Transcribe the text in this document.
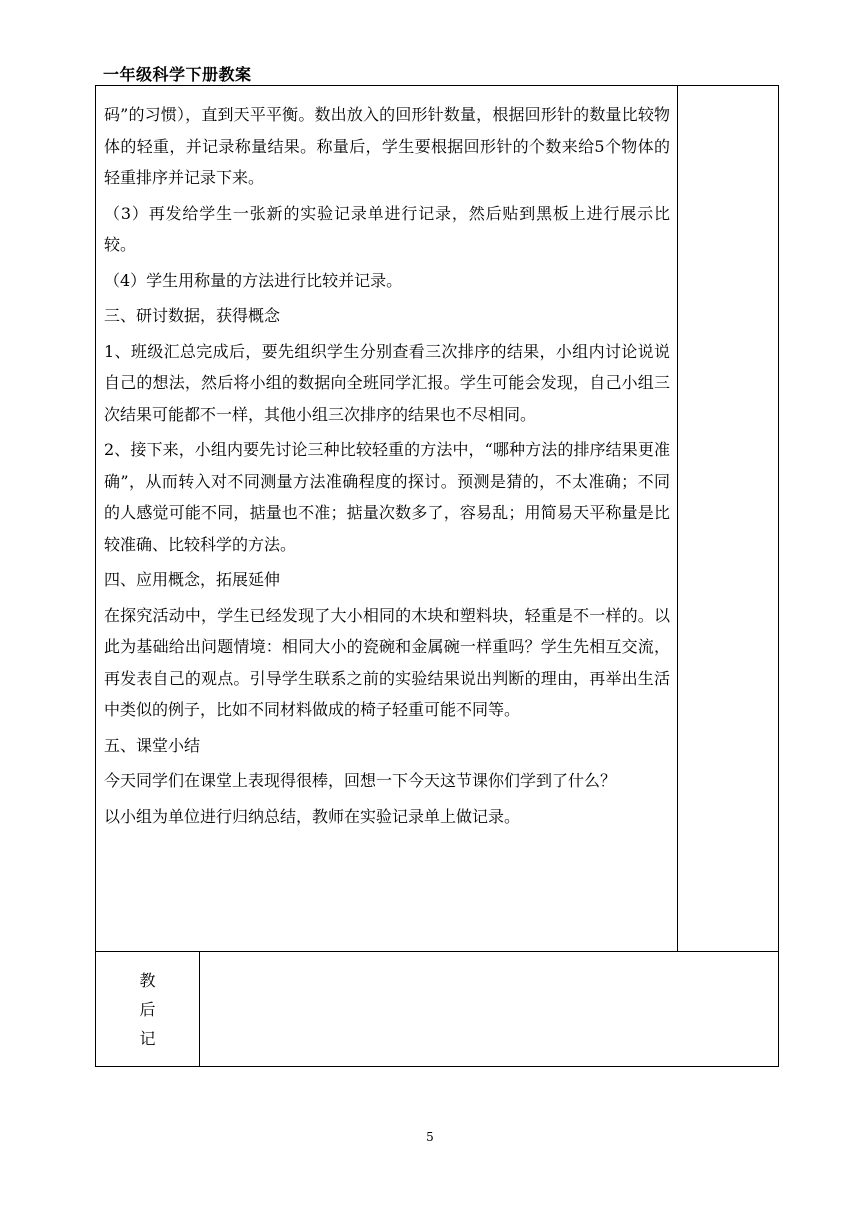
一年级科学下册教案

码”的习惯），直到天平平衡。数出放入的回形针数量，根据回形针的数量比较物体的轻重，并记录称量结果。称量后，学生要根据回形针的个数来给5个物体的轻重排序并记录下来。

（3）再发给学生一张新的实验记录单进行记录，然后贴到黑板上进行展示比较。

（4）学生用称量的方法进行比较并记录。

三、研讨数据，获得概念

1、班级汇总完成后，要先组织学生分别查看三次排序的结果，小组内讨论说说自己的想法，然后将小组的数据向全班同学汇报。学生可能会发现，自己小组三次结果可能都不一样，其他小组三次排序的结果也不尽相同。

2、接下来，小组内要先讨论三种比较轻重的方法中，“哪种方法的排序结果更准确”，从而转入对不同测量方法准确程度的探讨。预测是猜的，不太准确；不同的人感觉可能不同，掂量也不准；掂量次数多了，容易乱；用简易天平称量是比较准确、比较科学的方法。

四、应用概念，拓展延伸

在探究活动中，学生已经发现了大小相同的木块和塑料块，轻重是不一样的。以此为基础给出问题情境：相同大小的瓷碗和金属碗一样重吗？学生先相互交流，再发表自己的观点。引导学生联系之前的实验结果说出判断的理由，再举出生活中类似的例子，比如不同材料做成的椅子轻重可能不同等。

五、课堂小结

今天同学们在课堂上表现得很棒，回想一下今天这节课你们学到了什么？

以小组为单位进行归纳总结，教师在实验记录单上做记录。

教
后
记
5
